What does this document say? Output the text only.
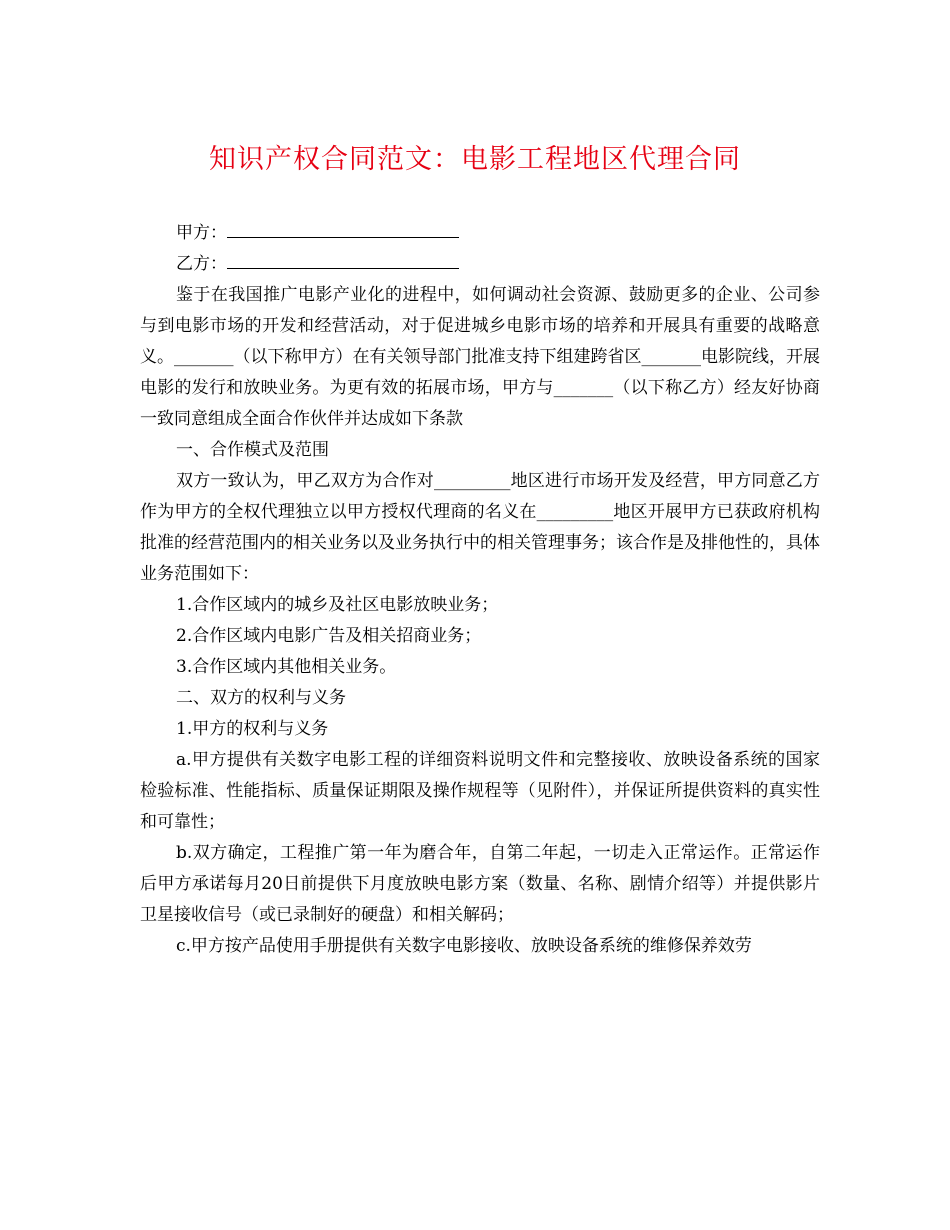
知识产权合同范文：电影工程地区代理合同
甲方：
乙方：

鉴于在我国推广电影产业化的进程中，如何调动社会资源、鼓励更多的企业、公司参与到电影市场的开发和经营活动，对于促进城乡电影市场的培养和开展具有重要的战略意义。_______（以下称甲方）在有关领导部门批准支持下组建跨省区_______电影院线，开展电影的发行和放映业务。为更有效的拓展市场，甲方与_______（以下称乙方）经友好协商一致同意组成全面合作伙伴并达成如下条款

一、合作模式及范围

双方一致认为，甲乙双方为合作对_________地区进行市场开发及经营，甲方同意乙方作为甲方的全权代理独立以甲方授权代理商的名义在_________地区开展甲方已获政府机构批准的经营范围内的相关业务以及业务执行中的相关管理事务；该合作是及排他性的，具体业务范围如下：

1.合作区域内的城乡及社区电影放映业务；

2.合作区域内电影广告及相关招商业务；

3.合作区域内其他相关业务。

二、双方的权利与义务

1.甲方的权利与义务

a.甲方提供有关数字电影工程的详细资料说明文件和完整接收、放映设备系统的国家检验标准、性能指标、质量保证期限及操作规程等（见附件），并保证所提供资料的真实性和可靠性；

b.双方确定，工程推广第一年为磨合年，自第二年起，一切走入正常运作。正常运作后甲方承诺每月20日前提供下月度放映电影方案（数量、名称、剧情介绍等）并提供影片卫星接收信号（或已录制好的硬盘）和相关解码；

c.甲方按产品使用手册提供有关数字电影接收、放映设备系统的维修保养效劳
